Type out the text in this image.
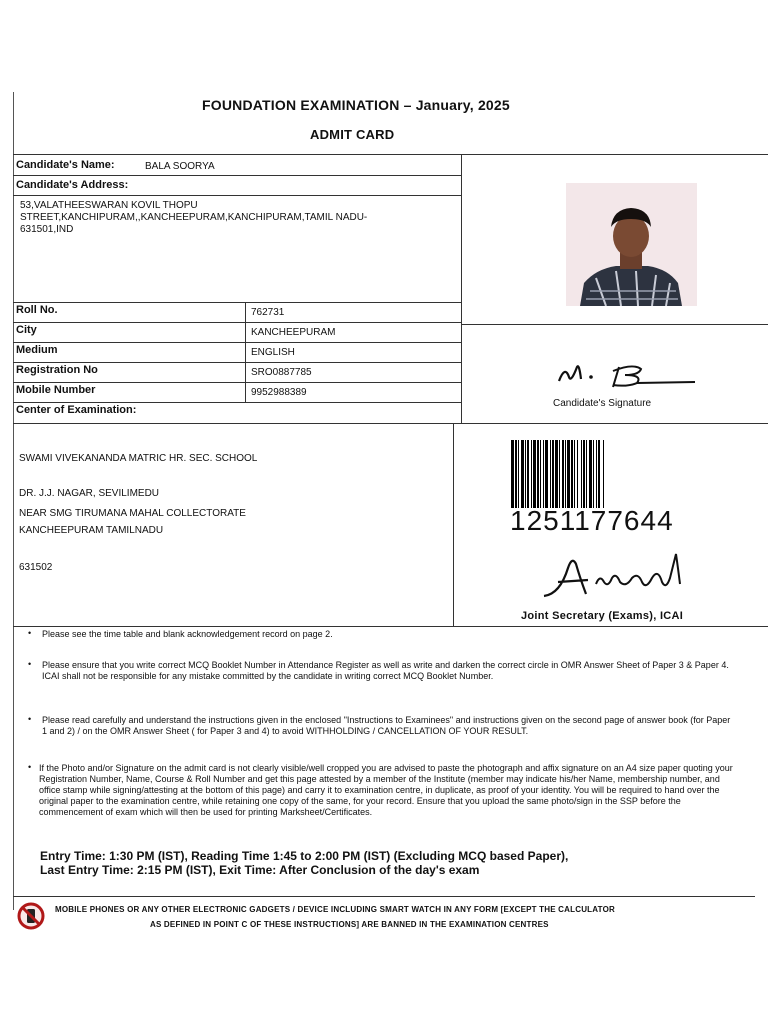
FOUNDATION EXAMINATION – January, 2025
ADMIT CARD
Candidate's Name:	BALA SOORYA
Candidate's Address:
53,VALATHEESWARAN KOVIL THOPU
STREET,KANCHIPURAM,,KANCHEEPURAM,KANCHIPURAM,TAMIL NADU-
631501,IND
Roll No.	762731
City	KANCHEEPURAM
Medium	ENGLISH
Registration No	SRO0887785
Mobile Number	9952988389
Center of Examination:
SWAMI VIVEKANANDA MATRIC HR. SEC. SCHOOL
DR. J.J. NAGAR, SEVILIMEDU
NEAR SMG TIRUMANA MAHAL COLLECTORATE
KANCHEEPURAM TAMILNADU
631502
Candidate's Signature
1251177644
Joint Secretary (Exams), ICAI
• Please see the time table and blank acknowledgement record on page 2.
• Please ensure that you write correct MCQ Booklet Number in Attendance Register as well as write and darken the correct circle in OMR Answer Sheet of Paper 3 & Paper 4. ICAI shall not be responsible for any mistake committed by the candidate in writing correct MCQ Booklet Number.
• Please read carefully and understand the instructions given in the enclosed "Instructions to Examinees" and instructions given on the second page of answer book (for Paper 1 and 2) / on the OMR Answer Sheet ( for Paper 3 and 4) to avoid WITHHOLDING / CANCELLATION OF YOUR RESULT.
• If the Photo and/or Signature on the admit card is not clearly visible/well cropped you are advised to paste the photograph and affix signature on an A4 size paper quoting your Registration Number, Name, Course & Roll Number and get this page attested by a member of the Institute (member may indicate his/her Name, membership number, and office stamp while signing/attesting at the bottom of this page) and carry it to examination centre, in duplicate, as proof of your identity. You will be required to hand over the original paper to the examination centre, while retaining one copy of the same, for your record. Ensure that you upload the same photo/sign in the SSP before the commencement of exam which will then be used for printing Marksheet/Certificates.
Entry Time: 1:30 PM (IST), Reading Time 1:45 to 2:00 PM (IST) (Excluding MCQ based Paper),
Last Entry Time: 2:15 PM (IST), Exit Time: After Conclusion of the day's exam
MOBILE PHONES OR ANY OTHER ELECTRONIC GADGETS / DEVICE INCLUDING SMART WATCH IN ANY FORM [EXCEPT THE CALCULATOR
AS DEFINED IN POINT C OF THESE INSTRUCTIONS] ARE BANNED IN THE EXAMINATION CENTRES
